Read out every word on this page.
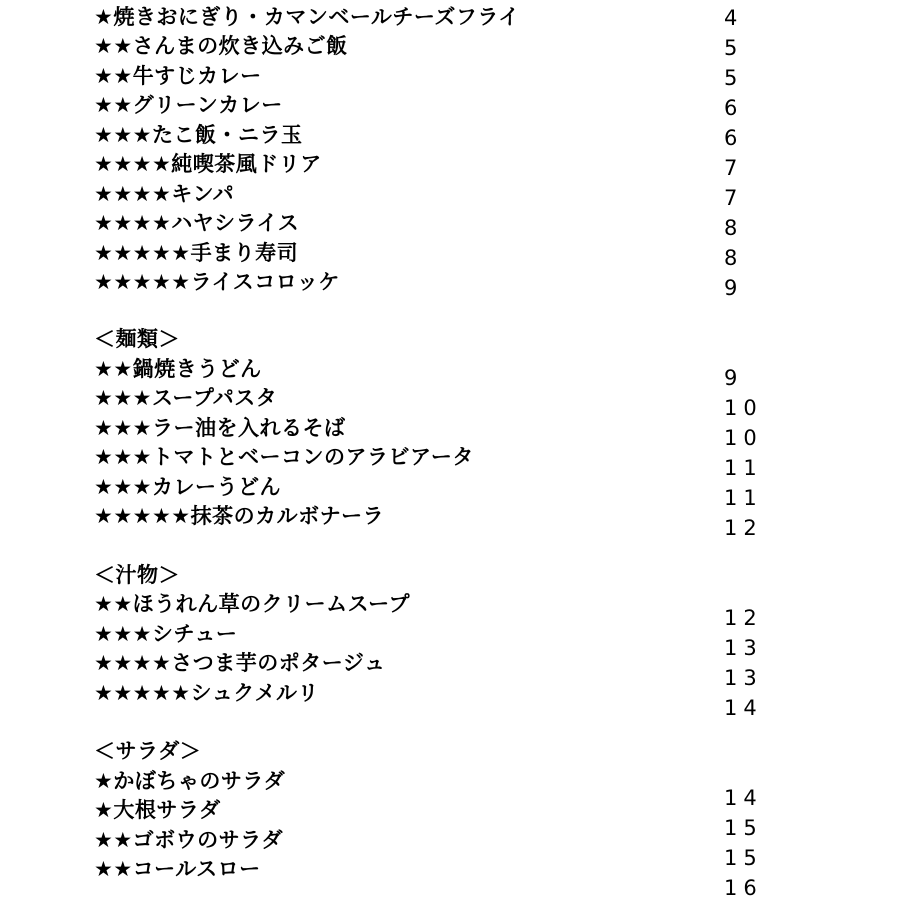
★焼きおにぎり・カマンベールチーズフライ
★★さんまの炊き込みご飯
★★牛すじカレー
★★グリーンカレー
★★★たこ飯・ニラ玉
★★★★純喫茶風ドリア
★★★★キンパ
★★★★ハヤシライス
★★★★★手まり寿司
★★★★★ライスコロッケ
4
5
5
6
6
7
7
8
8
9
＜麺類＞
★★鍋焼きうどん
★★★スープパスタ
★★★ラー油を入れるそば
★★★トマトとベーコンのアラビアータ
★★★カレーうどん
★★★★★抹茶のカルボナーラ
9
10
10
11
11
12
＜汁物＞
★★ほうれん草のクリームスープ
★★★シチュー
★★★★さつま芋のポタージュ
★★★★★シュクメルリ
12
13
13
14
＜サラダ＞
★かぼちゃのサラダ
★大根サラダ
★★ゴボウのサラダ
★★コールスロー
14
15
15
16
